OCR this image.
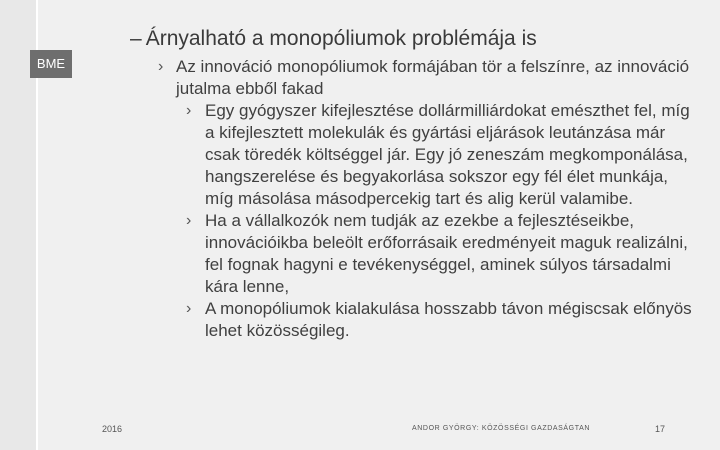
BME
– Árnyalható a monopóliumok problémája is

› Az innováció monopóliumok formájában tör a felszínre, az innováció jutalma ebből fakad

› Egy gyógyszer kifejlesztése dollármilliárdokat emészthet fel, míg a kifejlesztett molekulák és gyártási eljárások leutánzása már csak töredék költséggel jár. Egy jó zeneszám megkomponálása, hangszerelése és begyakorlása sokszor egy fél élet munkája, míg másolása másodpercekig tart és alig kerül valamibe.

› Ha a vállalkozók nem tudják az ezekbe a fejlesztéseikbe, innovációikba beleölt erőforrásaik eredményeit maguk realizálni, fel fognak hagyni e tevékenységgel, aminek súlyos társadalmi kára lenne,

› A monopóliumok kialakulása hosszabb távon mégiscsak előnyös lehet közösségileg.

2016	ANDOR GYÖRGY: KÖZÖSSÉGI GAZDASÁGTAN	17
